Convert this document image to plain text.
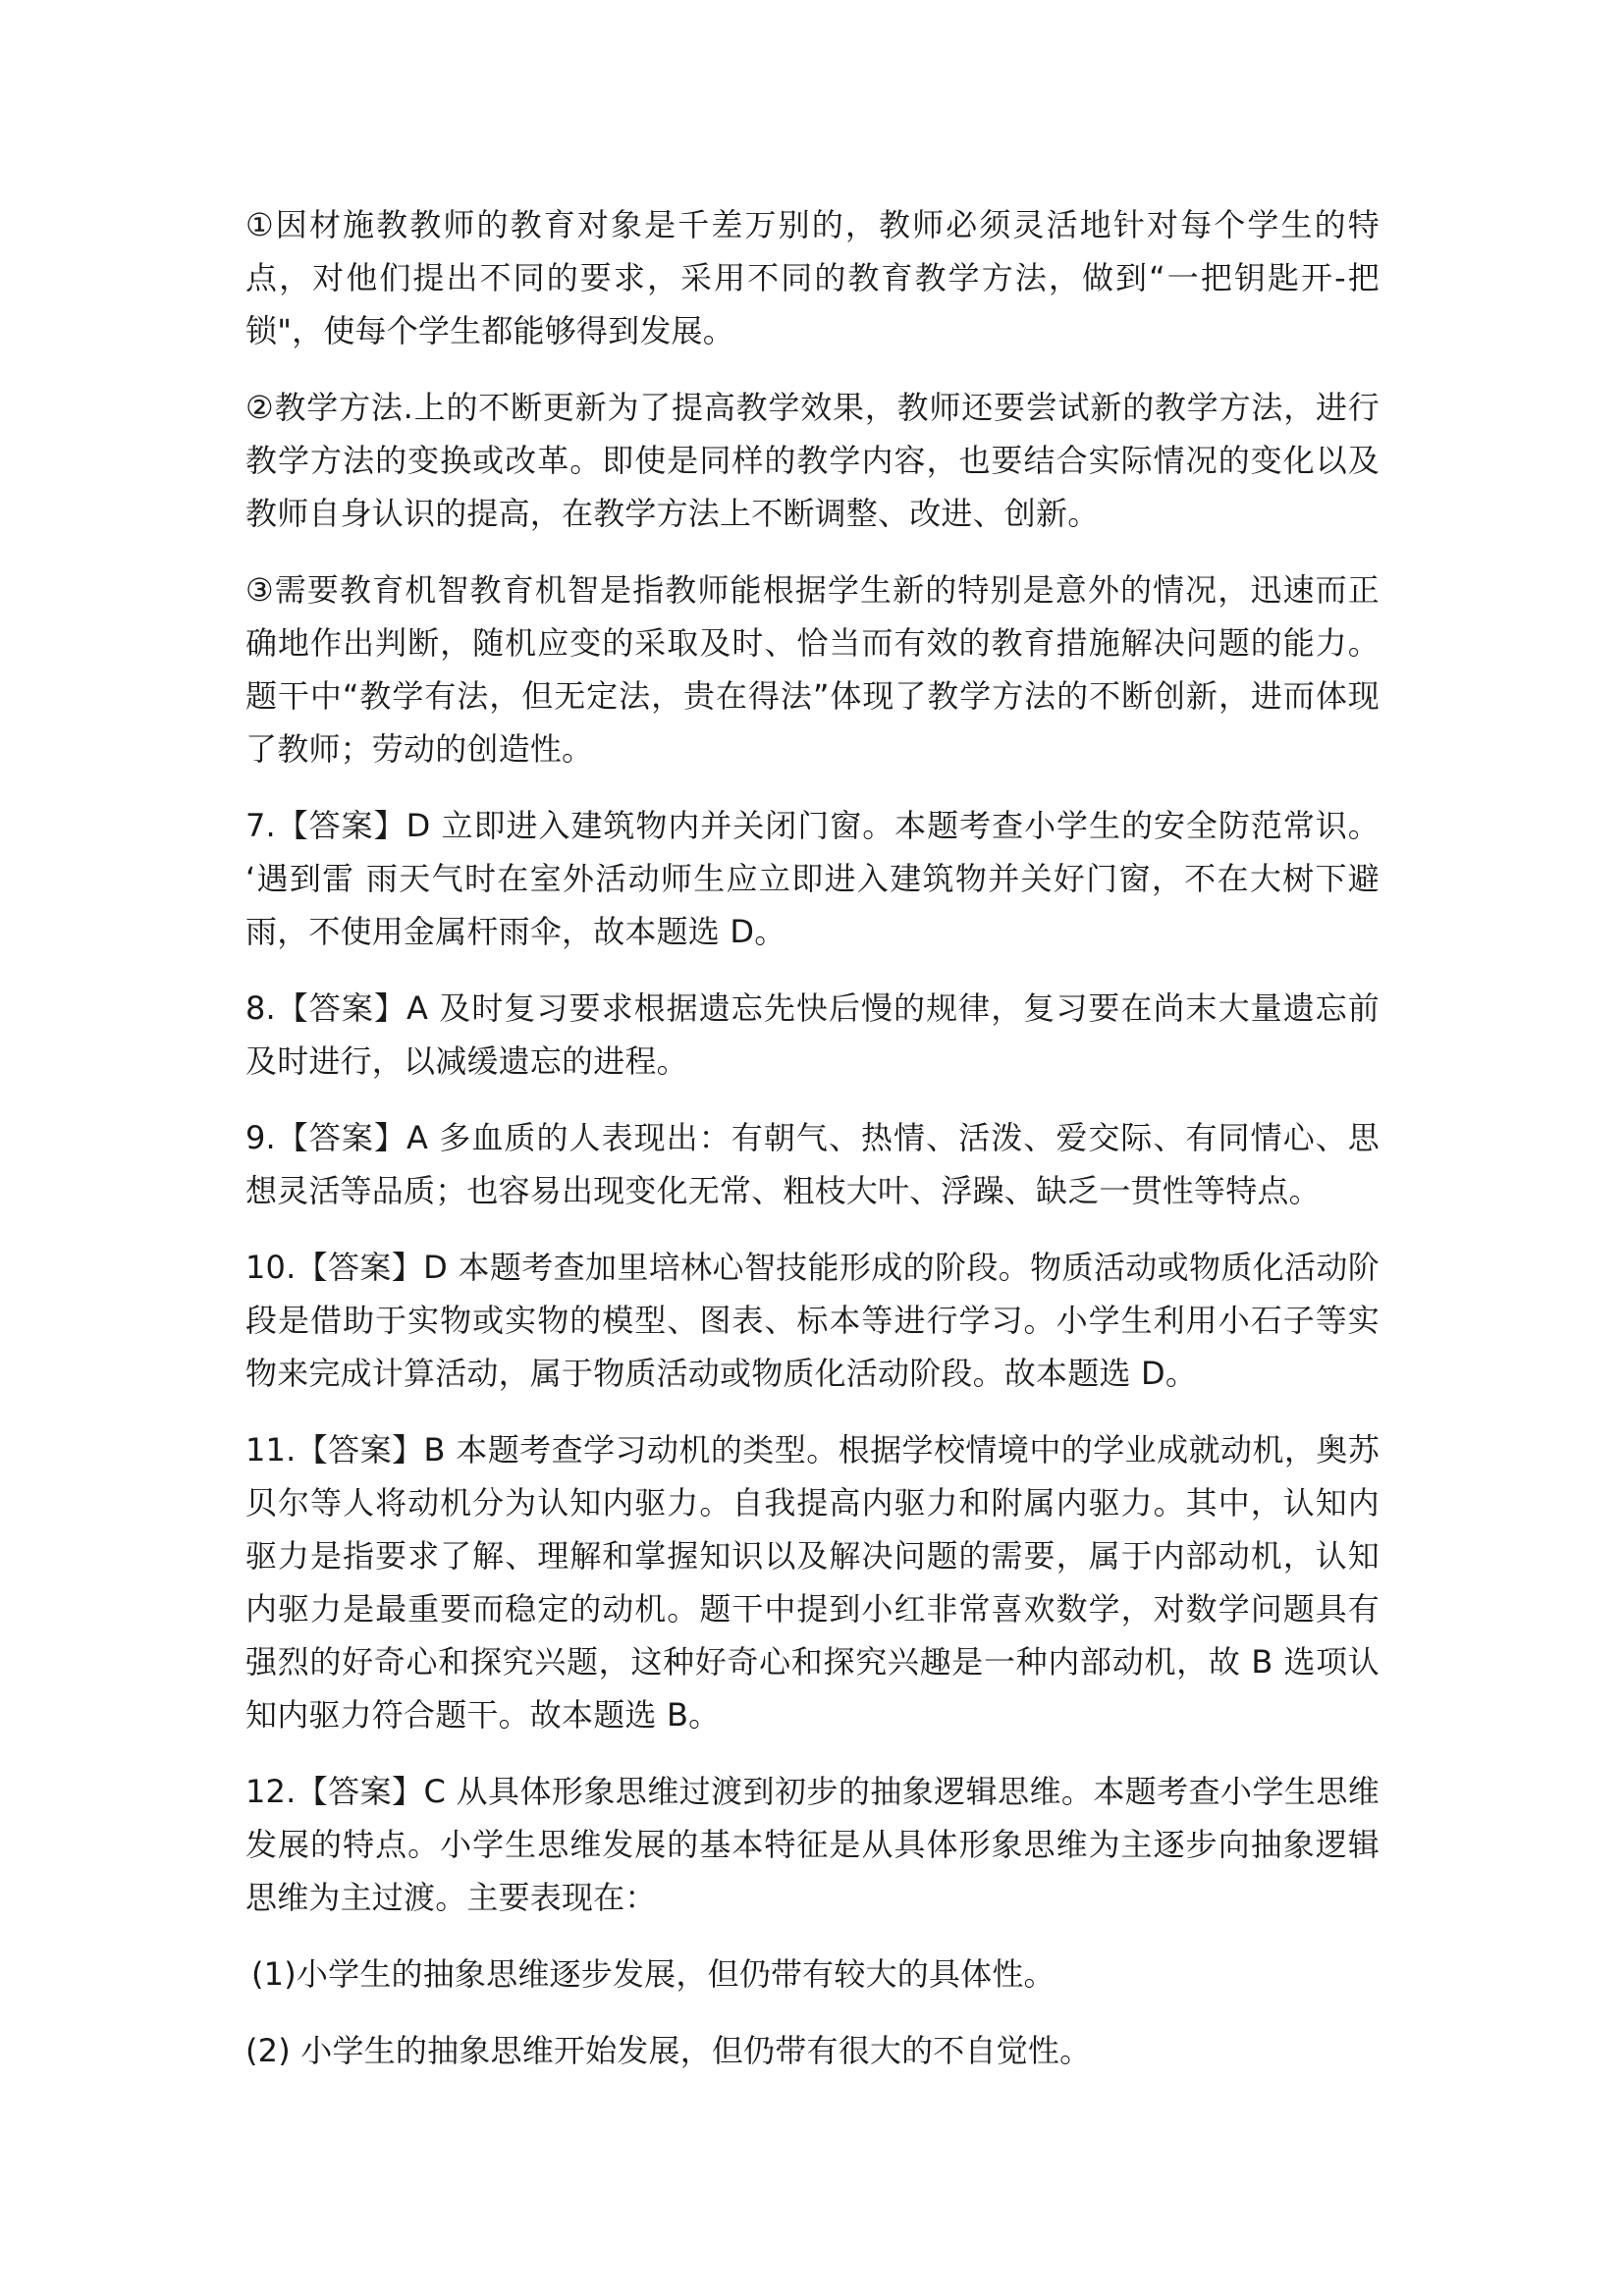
①因材施教教师的教育对象是千差万别的，教师必须灵活地针对每个学生的特点，对他们提出不同的要求，采用不同的教育教学方法，做到“一把钥匙开-把锁"，使每个学生都能够得到发展。

②教学方法.上的不断更新为了提高教学效果，教师还要尝试新的教学方法，进行教学方法的变换或改革。即使是同样的教学内容，也要结合实际情况的变化以及教师自身认识的提高，在教学方法上不断调整、改进、创新。

③需要教育机智教育机智是指教师能根据学生新的特别是意外的情况，迅速而正确地作出判断，随机应变的采取及时、恰当而有效的教育措施解决问题的能力。题干中“教学有法，但无定法，贵在得法”体现了教学方法的不断创新，进而体现了教师；劳动的创造性。

7.【答案】D 立即进入建筑物内并关闭门窗。本题考查小学生的安全防范常识。 ‘遇到雷 雨天气时在室外活动师生应立即进入建筑物并关好门窗，不在大树下避雨，不使用金属杆雨伞，故本题选 D。

8.【答案】A 及时复习要求根据遗忘先快后慢的规律，复习要在尚末大量遗忘前及时进行，以减缓遗忘的进程。

9.【答案】A 多血质的人表现出：有朝气、热情、活泼、爱交际、有同情心、思想灵活等品质；也容易出现变化无常、粗枝大叶、浮躁、缺乏一贯性等特点。

10.【答案】D 本题考查加里培林心智技能形成的阶段。物质活动或物质化活动阶段是借助于实物或实物的模型、图表、标本等进行学习。小学生利用小石子等实物来完成计算活动，属于物质活动或物质化活动阶段。故本题选 D。

11.【答案】B 本题考查学习动机的类型。根据学校情境中的学业成就动机，奥苏贝尔等人将动机分为认知内驱力。自我提高内驱力和附属内驱力。其中，认知内驱力是指要求了解、理解和掌握知识以及解决问题的需要，属于内部动机，认知内驱力是最重要而稳定的动机。题干中提到小红非常喜欢数学，对数学问题具有强烈的好奇心和探究兴题，这种好奇心和探究兴趣是一种内部动机，故 B 选项认知内驱力符合题干。故本题选 B。

12.【答案】C 从具体形象思维过渡到初步的抽象逻辑思维。本题考查小学生思维发展的特点。小学生思维发展的基本特征是从具体形象思维为主逐步向抽象逻辑思维为主过渡。主要表现在：

(1)小学生的抽象思维逐步发展，但仍带有较大的具体性。

(2) 小学生的抽象思维开始发展，但仍带有很大的不自觉性。
